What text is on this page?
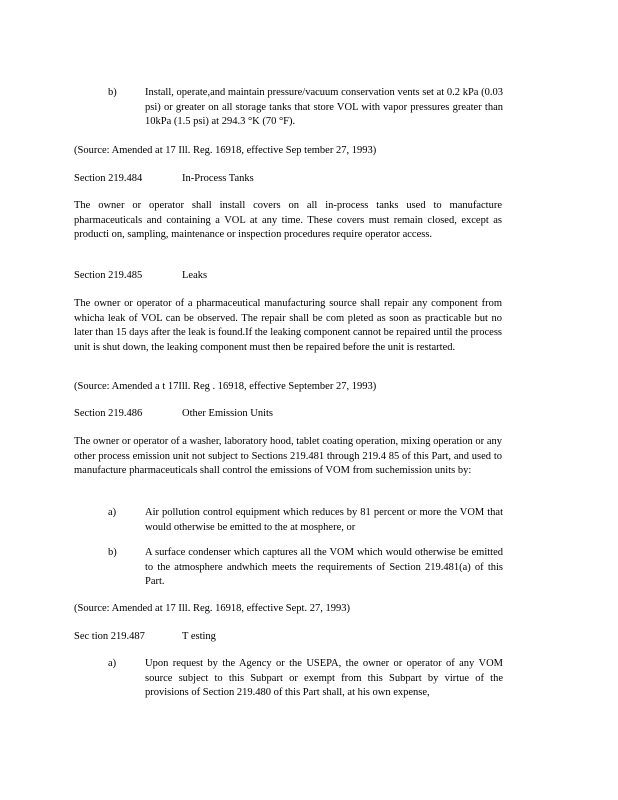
b)	Install, operate,and maintain pressure/vacuum conservation vents set at 0.2 kPa (0.03 psi) or greater on all storage tanks that store VOL with vapor pressures greater than 10kPa (1.5 psi) at 294.3 °K (70 °F).
(Source: Amended at 17 Ill. Reg. 16918, effective Sep tember 27, 1993)
Section 219.484	In-Process Tanks
The owner or operator shall install covers on all in-process tanks used to manufacture pharmaceuticals and containing a VOL at any time. These covers must remain closed, except as producti on, sampling, maintenance or inspection procedures require operator access.
Section 219.485	Leaks
The owner or operator of a pharmaceutical manufacturing source shall repair any component from whicha leak of VOL can be observed. The repair shall be com pleted as soon as practicable but no later than 15 days after the leak is found.If the leaking component cannot be repaired until the process unit is shut down, the leaking component must then be repaired before the unit is restarted.
(Source: Amended a t 17Ill. Reg . 16918, effective September 27, 1993)
Section 219.486	Other Emission Units
The owner or operator of a washer, laboratory hood, tablet coating operation, mixing operation or any other process emission unit not subject to Sections 219.481 through 219.4 85 of this Part, and used to manufacture pharmaceuticals shall control the emissions of VOM from suchemission units by:
a)	Air pollution control equipment which reduces by 81 percent or more the VOM that would otherwise be emitted to the at mosphere, or
b)	A surface condenser which captures all the VOM which would otherwise be emitted to the atmosphere andwhich meets the requirements of Section 219.481(a) of this Part.
(Source: Amended at 17 Ill. Reg. 16918, effective Sept. 27, 1993)
Sec tion 219.487	T esting
a)	Upon request by the Agency or the USEPA, the owner or operator of any VOM source subject to this Subpart or exempt from this Subpart by virtue of the provisions of Section 219.480 of this Part shall, at his own expense,
